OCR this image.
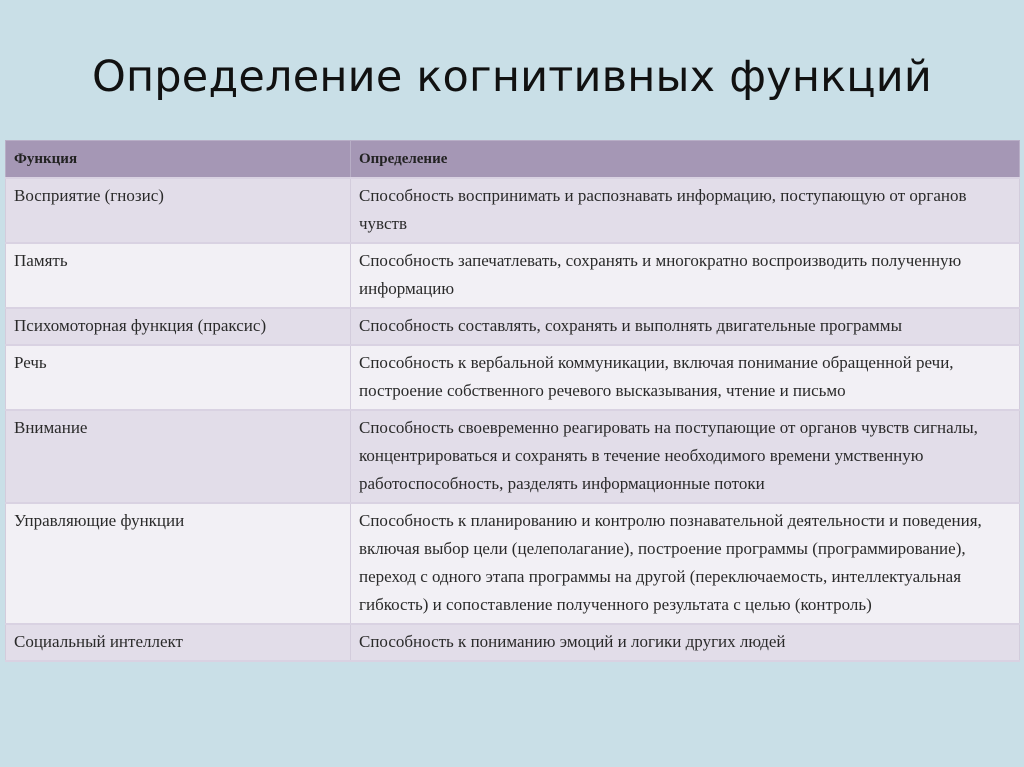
Определение когнитивных функций
Функция	Определение
Восприятие (гнозис)	Способность воспринимать и распознавать информацию, поступающую от органов чувств
Память	Способность запечатлевать, сохранять и многократно воспроизводить полученную информацию
Психомоторная функция (праксис)	Способность составлять, сохранять и выполнять двигательные программы
Речь	Способность к вербальной коммуникации, включая понимание обращенной речи, построение собственного речевого высказывания, чтение и письмо
Внимание	Способность своевременно реагировать на поступающие от органов чувств сигналы, концентрироваться и сохранять в течение необходимого времени умственную работоспособность, разделять информационные потоки
Управляющие функции	Способность к планированию и контролю познавательной деятельности и поведения, включая выбор цели (целеполагание), построение программы (программирование), переход с одного этапа программы на другой (переключаемость, интеллектуальная гибкость) и сопоставление полученного результата с целью (контроль)
Социальный интеллект	Способность к пониманию эмоций и логики других людей
